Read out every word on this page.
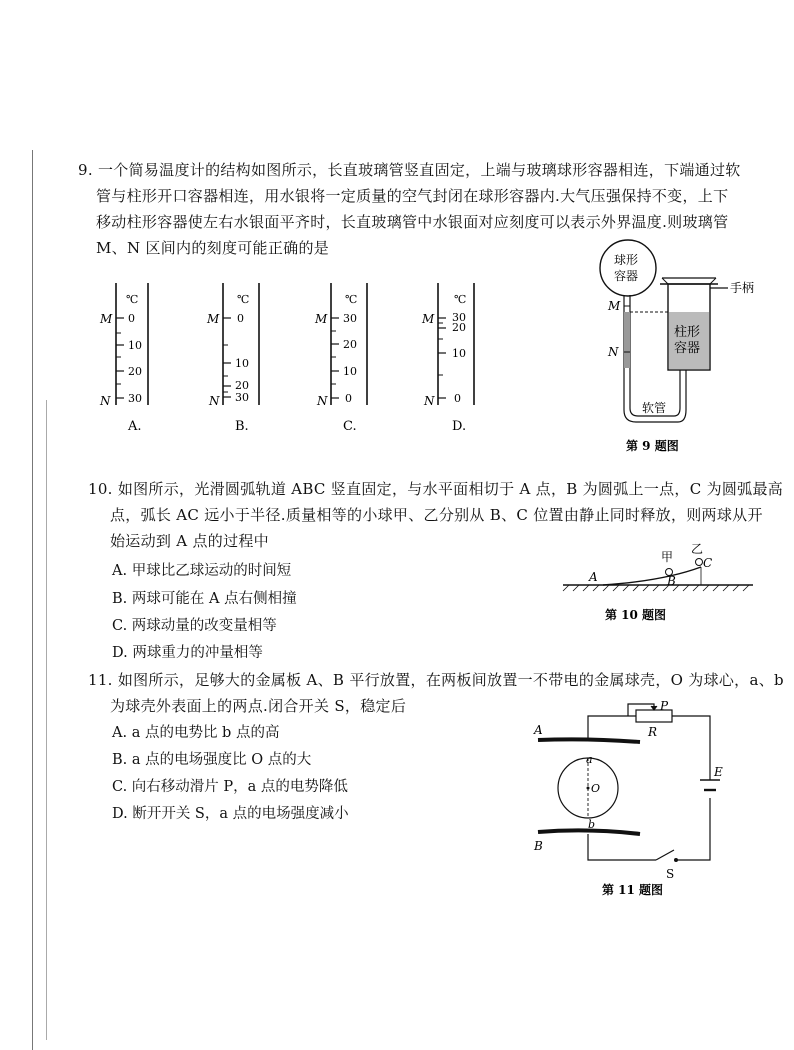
9. 一个简易温度计的结构如图所示，长直玻璃管竖直固定，上端与玻璃球形容器相连，下端通过软
管与柱形开口容器相连，用水银将一定质量的空气封闭在球形容器内.大气压强保持不变，上下
移动柱形容器使左右水银面平齐时，长直玻璃管中水银面对应刻度可以表示外界温度.则玻璃管
M、N 区间内的刻度可能正确的是
℃
M
N
0
10
20
30
A.
℃
M
N
0
10
20
30
B.
℃
M
N
30
20
10
0
C.
℃
M
N
30
20
10
0
D.
球形
容器
M
N
软管
手柄
柱形
容器
第 9 题图
10. 如图所示，光滑圆弧轨道 ABC 竖直固定，与水平面相切于 A 点，B 为圆弧上一点，C 为圆弧最高
点，弧长 AC 远小于半径.质量相等的小球甲、乙分别从 B、C 位置由静止同时释放，则两球从开
始运动到 A 点的过程中
A. 甲球比乙球运动的时间短
B. 两球可能在 A 点右侧相撞
C. 两球动量的改变量相等
D. 两球重力的冲量相等
A	B
C
甲
乙
第 10 题图
11. 如图所示，足够大的金属板 A、B 平行放置，在两板间放置一不带电的金属球壳，O 为球心，a、b
为球壳外表面上的两点.闭合开关 S，稳定后
A. a 点的电势比 b 点的高
B. a 点的电场强度比 O 点的大
C. 向右移动滑片 P，a 点的电势降低
D. 断开开关 S，a 点的电场强度减小
P
R
E
S
A
B
O
a
b
第 11 题图
